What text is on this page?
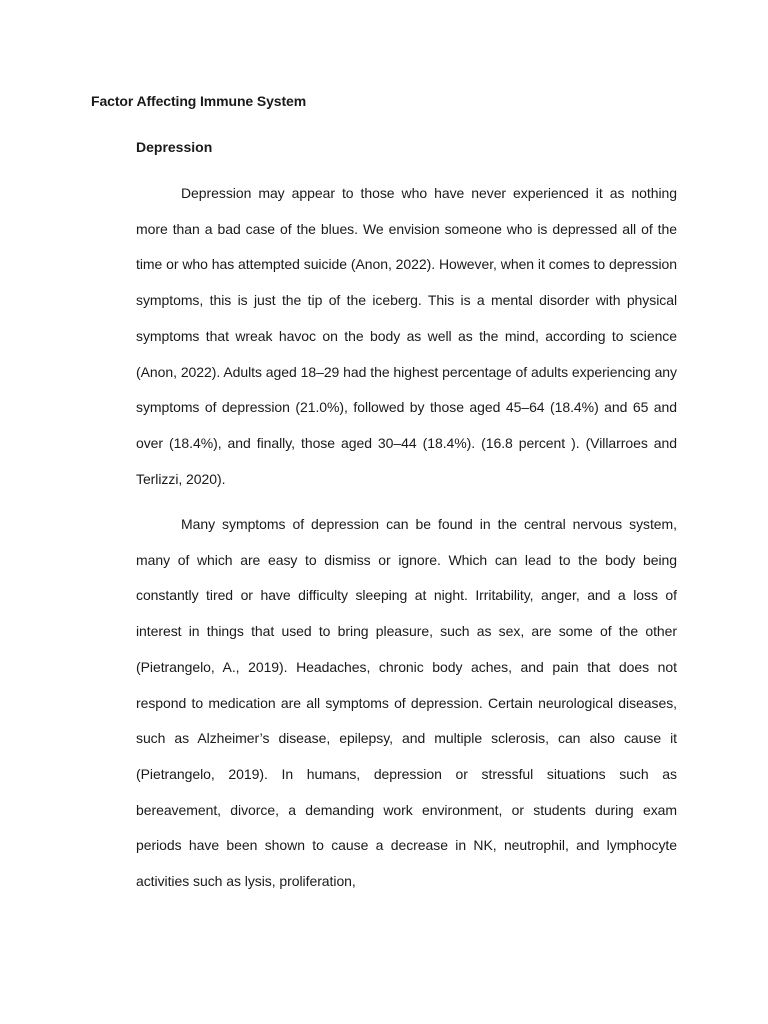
Factor Affecting Immune System
Depression

Depression may appear to those who have never experienced it as nothing more than a bad case of the blues. We envision someone who is depressed all of the time or who has attempted suicide (Anon, 2022). However, when it comes to depression symptoms, this is just the tip of the iceberg. This is a mental disorder with physical symptoms that wreak havoc on the body as well as the mind, according to science (Anon, 2022). Adults aged 18–29 had the highest percentage of adults experiencing any symptoms of depression (21.0%), followed by those aged 45–64 (18.4%) and 65 and over (18.4%), and finally, those aged 30–44 (18.4%). (16.8 percent ). (Villarroes and Terlizzi, 2020).

Many symptoms of depression can be found in the central nervous system, many of which are easy to dismiss or ignore. Which can lead to the body being constantly tired or have difficulty sleeping at night. Irritability, anger, and a loss of interest in things that used to bring pleasure, such as sex, are some of the other (Pietrangelo, A., 2019). Headaches, chronic body aches, and pain that does not respond to medication are all symptoms of depression. Certain neurological diseases, such as Alzheimer’s disease, epilepsy, and multiple sclerosis, can also cause it (Pietrangelo, 2019). In humans, depression or stressful situations such as bereavement, divorce, a demanding work environment, or students during exam periods have been shown to cause a decrease in NK, neutrophil, and lymphocyte activities such as lysis, proliferation,
